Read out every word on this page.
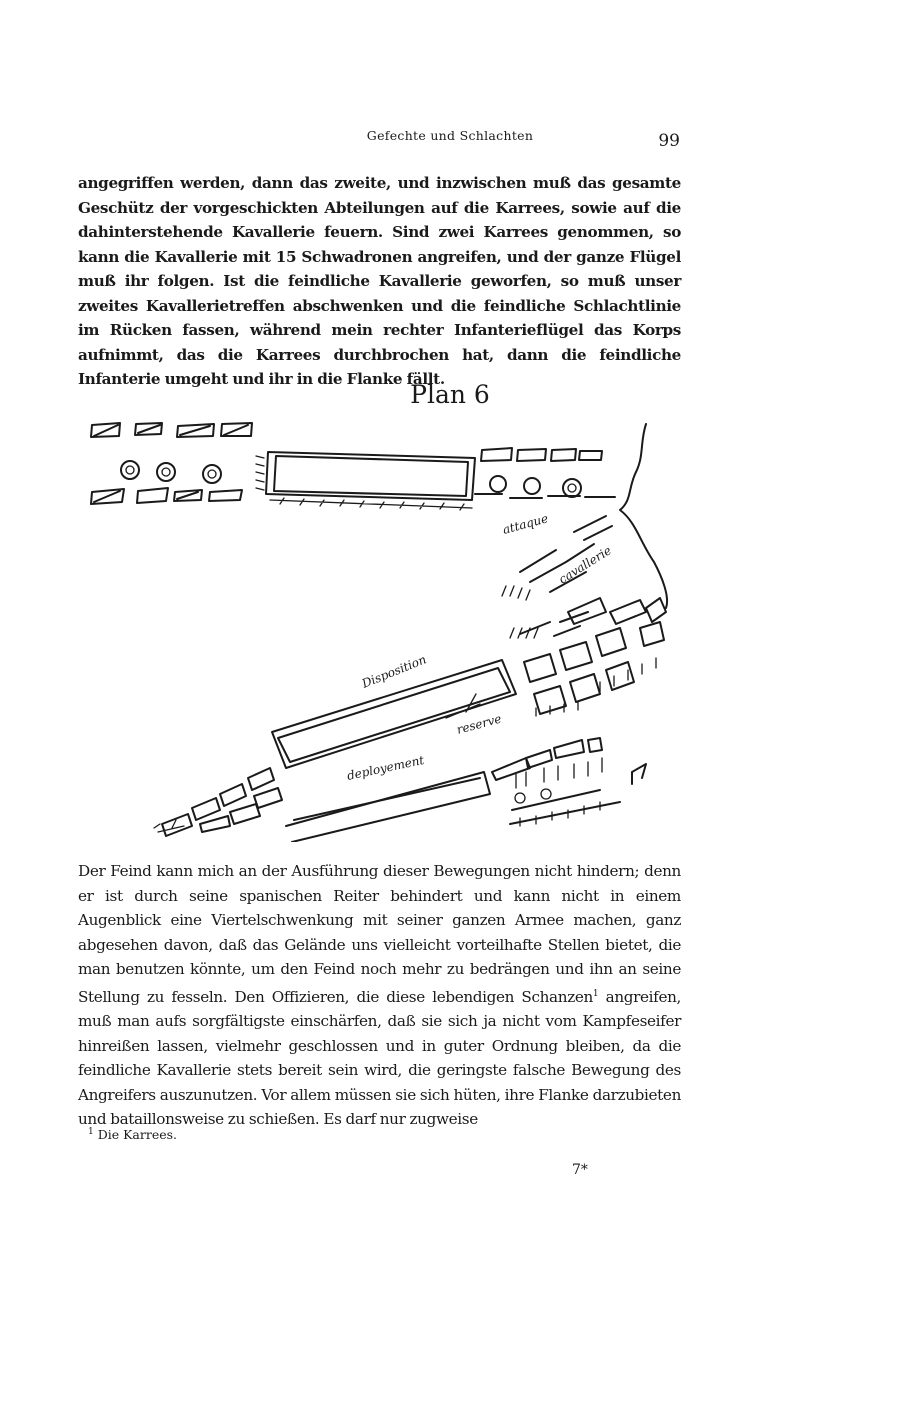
Gefechte und Schlachten	99

angegriffen werden, dann das zweite, und inzwischen muß das gesamte Geschütz der vorgeschickten Abteilungen auf die Karrees, sowie auf die dahinterstehende Kavallerie feuern. Sind zwei Karrees genommen, so kann die Kavallerie mit 15 Schwadronen angreifen, und der ganze Flügel muß ihr folgen. Ist die feindliche Kavallerie geworfen, so muß unser zweites Kavallerietreffen abschwenken und die feindliche Schlachtlinie im Rücken fassen, während mein rechter Infanterieflügel das Korps aufnimmt, das die Karrees durchbrochen hat, dann die feindliche Infanterie umgeht und ihr in die Flanke fällt.

Plan 6
attaque
cavallerie
Disposition
reserve
deployement

Der Feind kann mich an der Ausführung dieser Bewegungen nicht hindern; denn er ist durch seine spanischen Reiter behindert und kann nicht in einem Augenblick eine Viertelschwenkung mit seiner ganzen Armee machen, ganz abgesehen davon, daß das Gelände uns vielleicht vorteilhafte Stellen bietet, die man benutzen könnte, um den Feind noch mehr zu bedrängen und ihn an seine Stellung zu fesseln. Den Offizieren, die diese lebendigen Schanzen$^1$ angreifen, muß man aufs sorgfältigste einschärfen, daß sie sich ja nicht vom Kampfeseifer hinreißen lassen, vielmehr geschlossen und in guter Ordnung bleiben, da die feindliche Kavallerie stets bereit sein wird, die geringste falsche Bewegung des Angreifers auszunutzen. Vor allem müssen sie sich hüten, ihre Flanke darzubieten und bataillonsweise zu schießen. Es darf nur zugweise

$^1$ Die Karrees.
7*
